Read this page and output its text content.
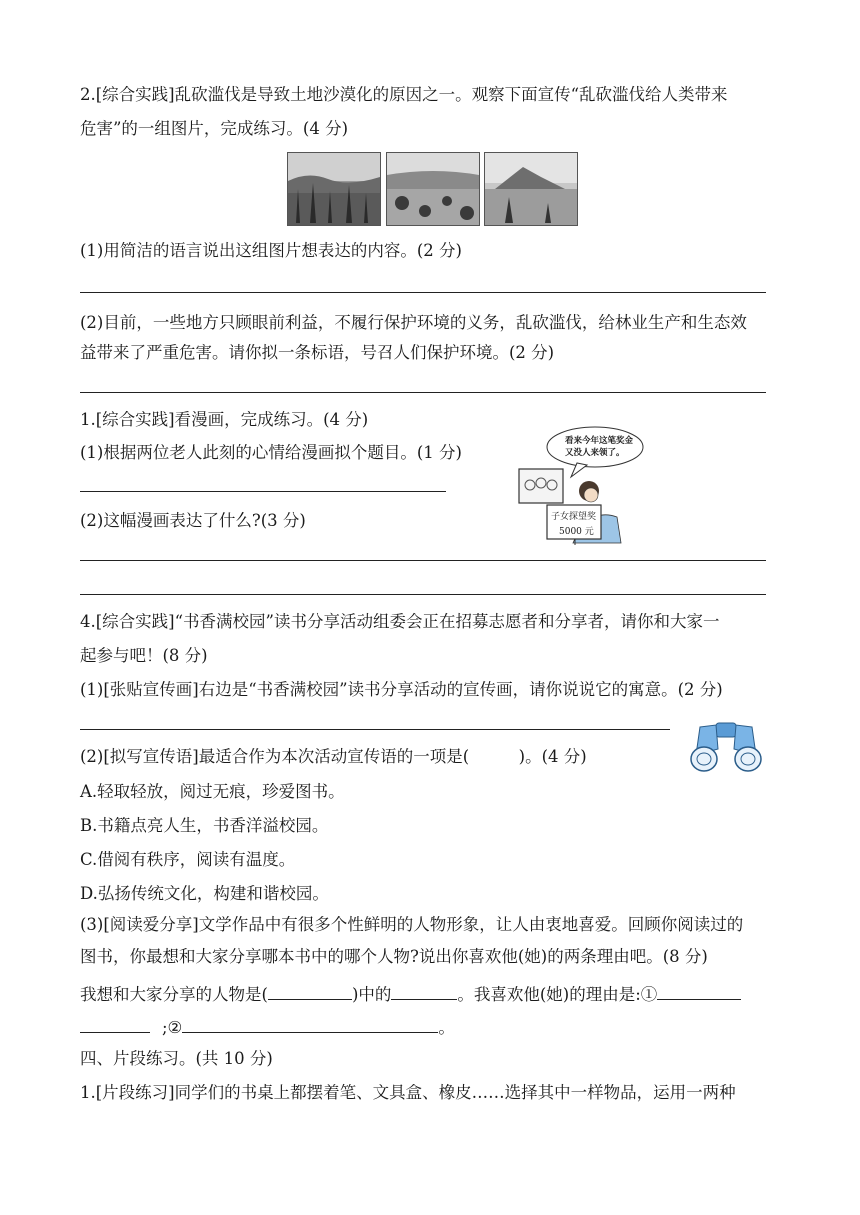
2.[综合实践]乱砍滥伐是导致土地沙漠化的原因之一。观察下面宣传“乱砍滥伐给人类带来
危害”的一组图片，完成练习。(4 分)
(1)用简洁的语言说出这组图片想表达的内容。(2 分)
(2)目前，一些地方只顾眼前利益，不履行保护环境的义务，乱砍滥伐，给林业生产和生态效
益带来了严重危害。请你拟一条标语，号召人们保护环境。(2 分)
1.[综合实践]看漫画，完成练习。(4 分)
(1)根据两位老人此刻的心情给漫画拟个题目。(1 分)
(2)这幅漫画表达了什么?(3 分)
看来今年这笔奖金
又没人来领了。
子女探望奖
5000 元
4.[综合实践]“书香满校园”读书分享活动组委会正在招募志愿者和分享者，请你和大家一
起参与吧！(8 分)
(1)[张贴宣传画]右边是“书香满校园”读书分享活动的宣传画，请你说说它的寓意。(2 分)
(2)[拟写宣传语]最适合作为本次活动宣传语的一项是(　　　)。(4 分)
A.轻取轻放，阅过无痕，珍爱图书。
B.书籍点亮人生，书香洋溢校园。
C.借阅有秩序，阅读有温度。
D.弘扬传统文化，构建和谐校园。
(3)[阅读爱分享]文学作品中有很多个性鲜明的人物形象，让人由衷地喜爱。回顾你阅读过的
图书，你最想和大家分享哪本书中的哪个人物?说出你喜欢他(她)的两条理由吧。(8 分)
我想和大家分享的人物是(	)中的	。我喜欢他(她)的理由是:①
;②	。
四、片段练习。(共 10 分)
1.[片段练习]同学们的书桌上都摆着笔、文具盒、橡皮……选择其中一样物品，运用一两种
